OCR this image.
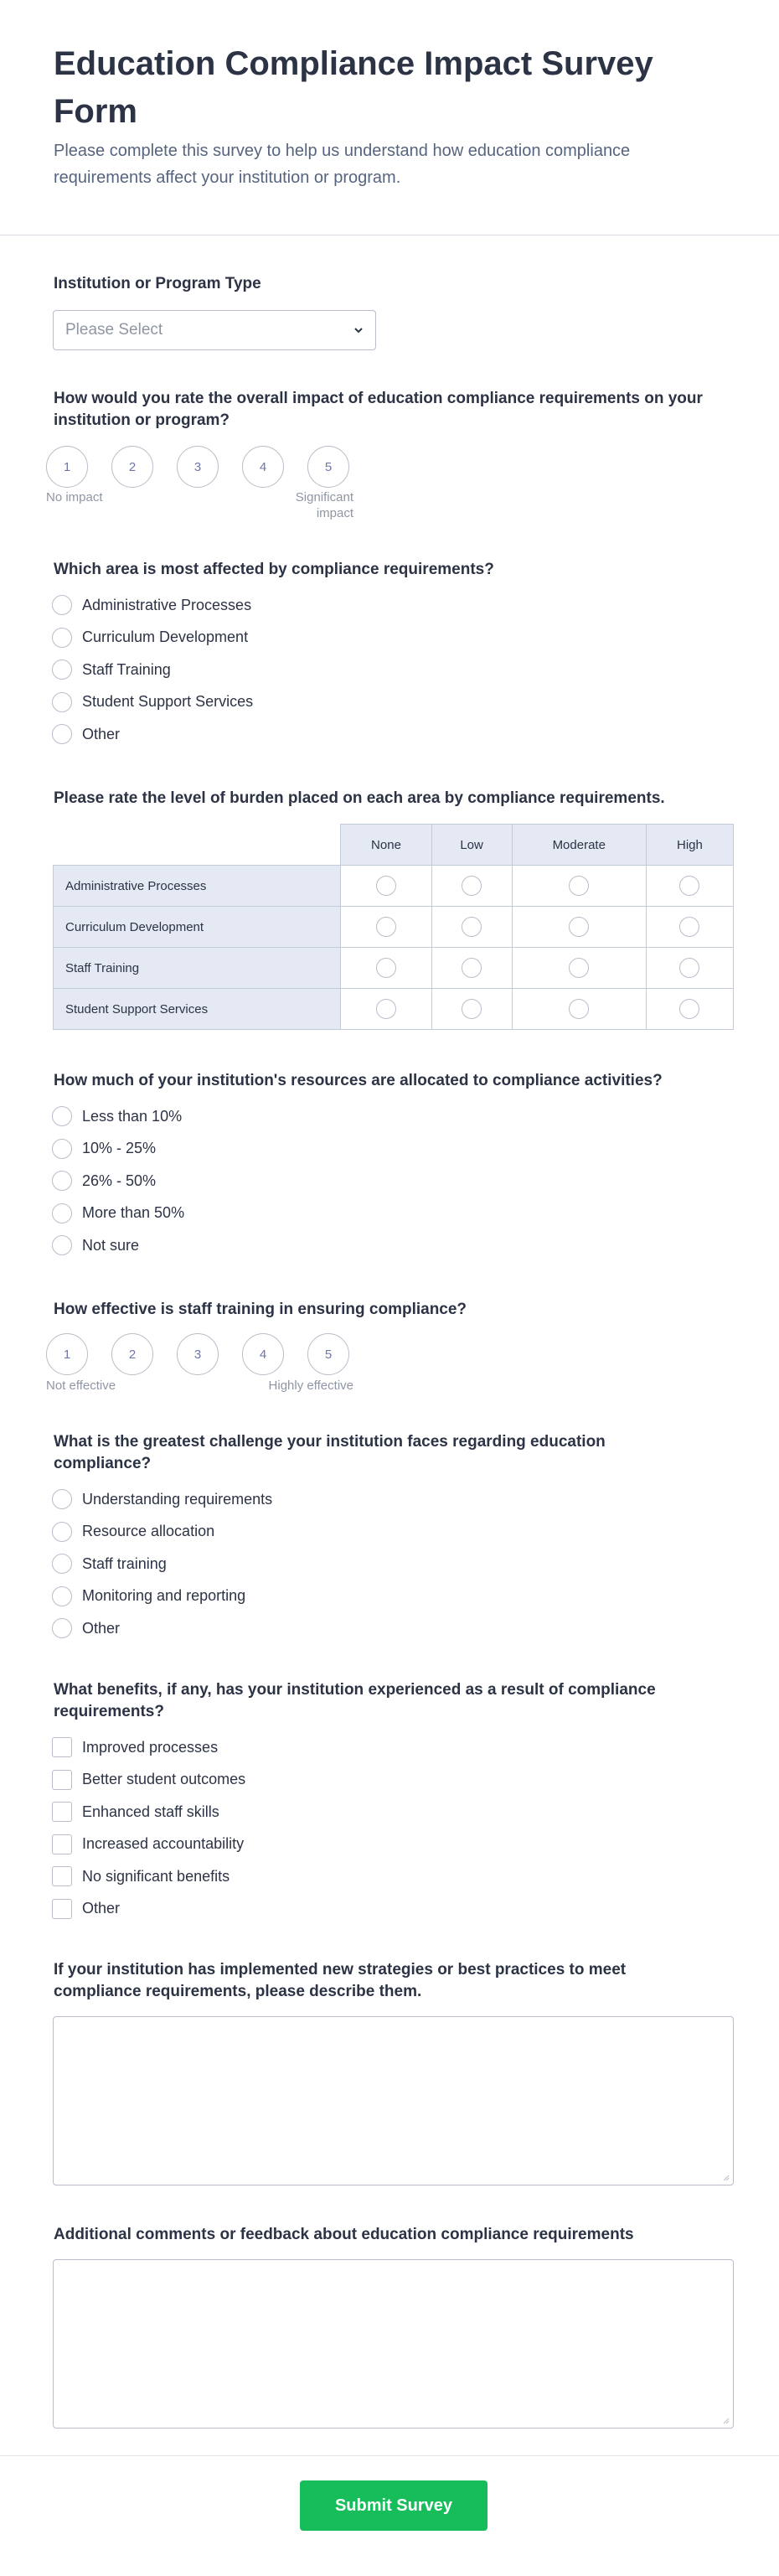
Education Compliance Impact Survey Form

Please complete this survey to help us understand how education compliance requirements affect your institution or program.

Institution or Program Type
Please Select
How would you rate the overall impact of education compliance requirements on your institution or program?
1	2	3	4	5
No impact	Significant impact
Which area is most affected by compliance requirements?
Administrative Processes
Curriculum Development
Staff Training
Student Support Services
Other
Please rate the level of burden placed on each area by compliance requirements.
	None	Low	Moderate	High
Administrative Processes				
Curriculum Development				
Staff Training				
Student Support Services				
How much of your institution's resources are allocated to compliance activities?
Less than 10%
10% - 25%
26% - 50%
More than 50%
Not sure
How effective is staff training in ensuring compliance?
1	2	3	4	5
Not effective	Highly effective
What is the greatest challenge your institution faces regarding education compliance?
Understanding requirements
Resource allocation
Staff training
Monitoring and reporting
Other
What benefits, if any, has your institution experienced as a result of compliance requirements?
Improved processes
Better student outcomes
Enhanced staff skills
Increased accountability
No significant benefits
Other
If your institution has implemented new strategies or best practices to meet compliance requirements, please describe them.
Additional comments or feedback about education compliance requirements
Submit Survey
